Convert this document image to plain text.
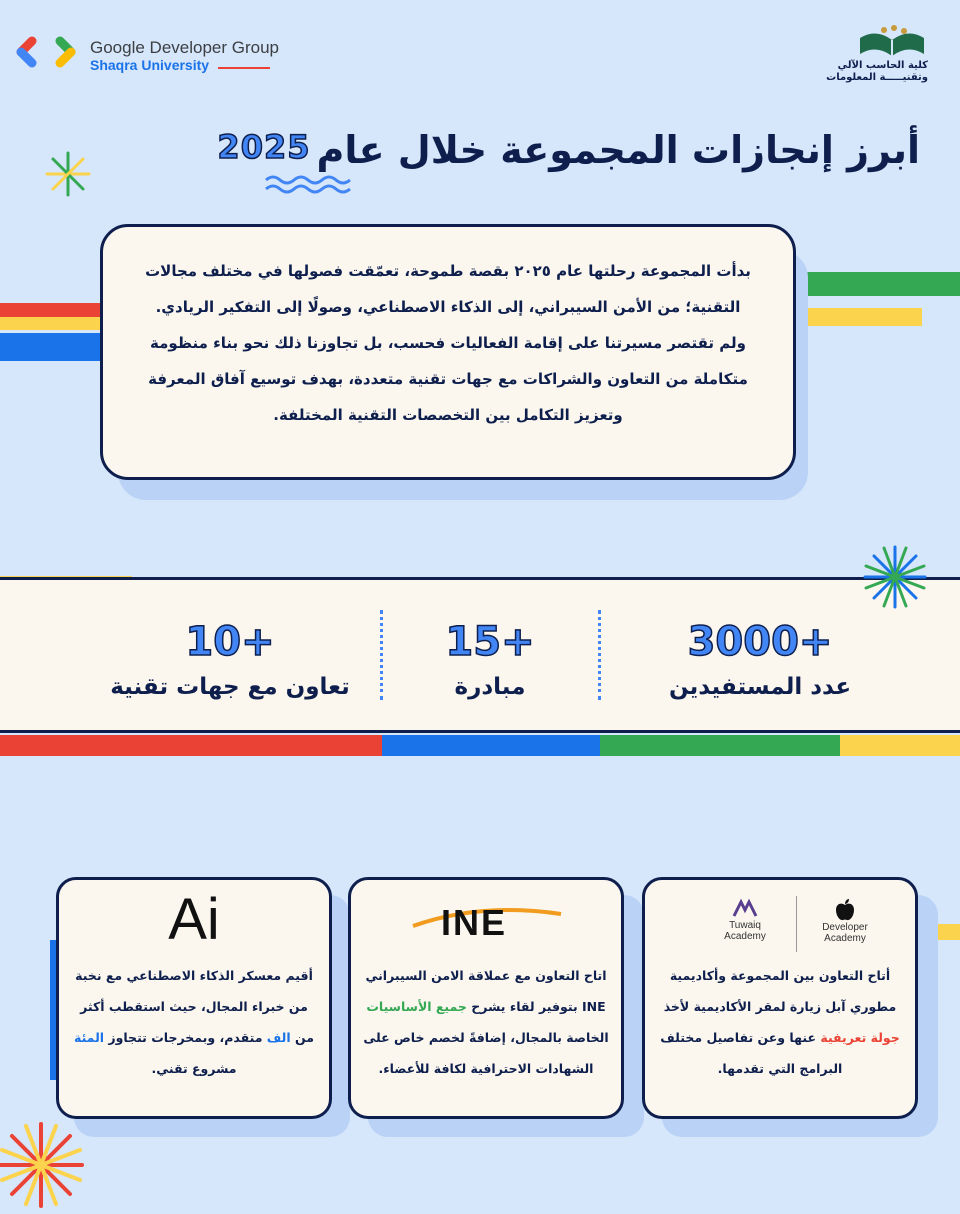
Google Developer Group
Shaqra University	كلية الحاسب الآلي
وتقنيـــــة المعلومات
أبرز إنجازات المجموعة خلال عام
2025

بدأت المجموعة رحلتها عام ٢٠٢٥ بقصة طموحة، تعمّقت فصولها في مختلف مجالات التقنية؛ من الأمن السيبراني، إلى الذكاء الاصطناعي، وصولًا إلى التفكير الريادي.

ولم تقتصر مسيرتنا على إقامة الفعاليات فحسب، بل تجاوزنا ذلك نحو بناء منظومة متكاملة من التعاون والشراكات مع جهات تقنية متعددة، بهدف توسيع آفاق المعرفة وتعزيز التكامل بين التخصصات التقنية المختلفة.

3000+
عدد المستفيدين
15+
مبادرة
10+
تعاون مع جهات تقنية
Tuwaiq
Academy
Developer
Academy
أتاح التعاون بين المجموعة وأكاديمية مطوري آبل زيارة لمقر الأكاديمية لأخذ جولة تعريفية عنها وعن تفاصيل مختلف البرامج التي تقدمها.
INE
اتاح التعاون مع عملاقة الامن السيبراني INE بتوفير لقاء يشرح جميع الأساسيات الخاصة بالمجال، إضافةً لخصم خاص على الشهادات الاحترافية لكافة للأعضاء.
Ai
أقيم معسكر الذكاء الاصطناعي مع نخبة من خبراء المجال، حيث استقطب أكثر من الف متقدم، وبمخرجات تتجاوز المئة مشروع تقني.
